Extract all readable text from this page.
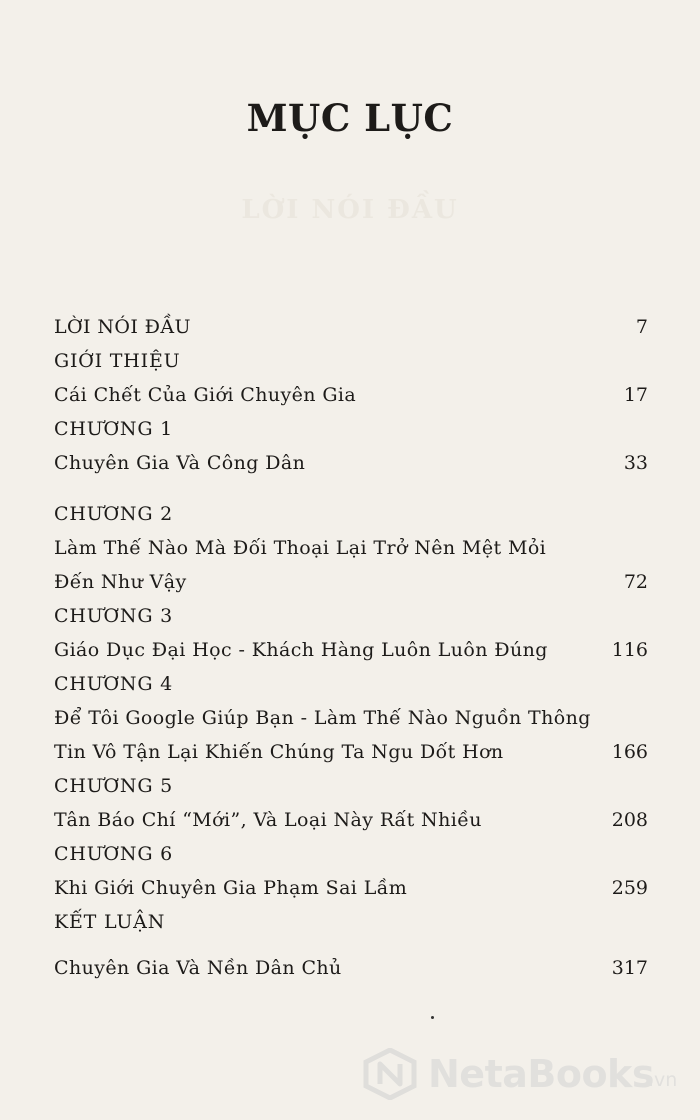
LỜI NÓI ĐẦU
MỤC LỤC
LỜI NÓI ĐẦU	7
GIỚI THIỆU
Cái Chết Của Giới Chuyên Gia	17
CHƯƠNG 1
Chuyên Gia Và Công Dân	33
CHƯƠNG 2
Làm Thế Nào Mà Đối Thoại Lại Trở Nên Mệt Mỏi
Đến Như Vậy	72
CHƯƠNG 3
Giáo Dục Đại Học - Khách Hàng Luôn Luôn Đúng	116
CHƯƠNG 4
Để Tôi Google Giúp Bạn - Làm Thế Nào Nguồn Thông
Tin Vô Tận Lại Khiến Chúng Ta Ngu Dốt Hơn	166
CHƯƠNG 5
Tân Báo Chí “Mới”, Và Loại Này Rất Nhiều	208
CHƯƠNG 6
Khi Giới Chuyên Gia Phạm Sai Lầm	259
KẾT LUẬN
Chuyên Gia Và Nền Dân Chủ	317
NetaBooks
.vn
